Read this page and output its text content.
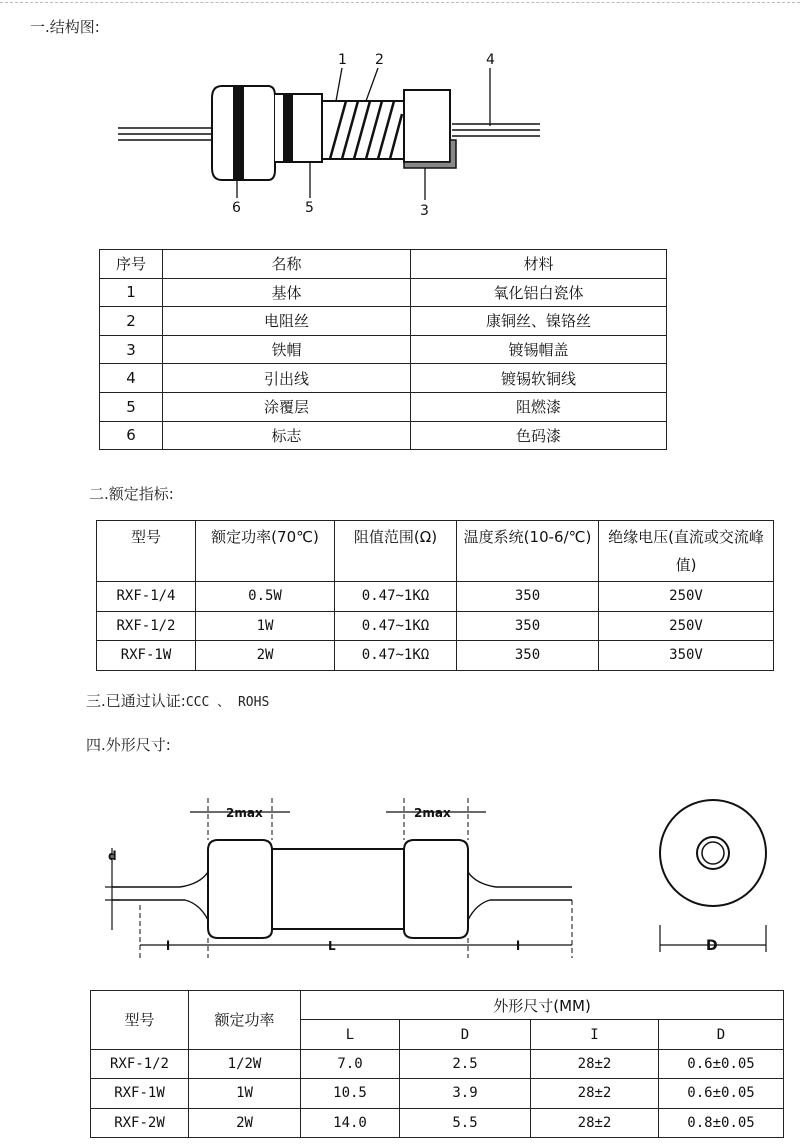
一.结构图:
1 2	4
6	5	3
序号	名称	材料
1	基体	氧化铝白瓷体
2	电阻丝	康铜丝、镍铬丝
3	铁帽	镀锡帽盖
4	引出线	镀锡软铜线
5	涂覆层	阻燃漆
6	标志	色码漆
二.额定指标:
型号	额定功率(70℃)	阻值范围(Ω)	温度系统(10-6/℃)	绝缘电压(直流或交流峰值)
RXF-1/4	0.5W	0.47~1KΩ	350	250V
RXF-1/2	1W	0.47~1KΩ	350	250V
RXF-1W	2W	0.47~1KΩ	350	350V
三.已通过认证:CCC 、 ROHS
四.外形尺寸:
2max	2max
d
l	L	l	D
型号	额定功率	外形尺寸(MM)			
		L	D	I	D
RXF-1/2	1/2W	7.0	2.5	28±2	0.6±0.05
RXF-1W	1W	10.5	3.9	28±2	0.6±0.05
RXF-2W	2W	14.0	5.5	28±2	0.8±0.05
